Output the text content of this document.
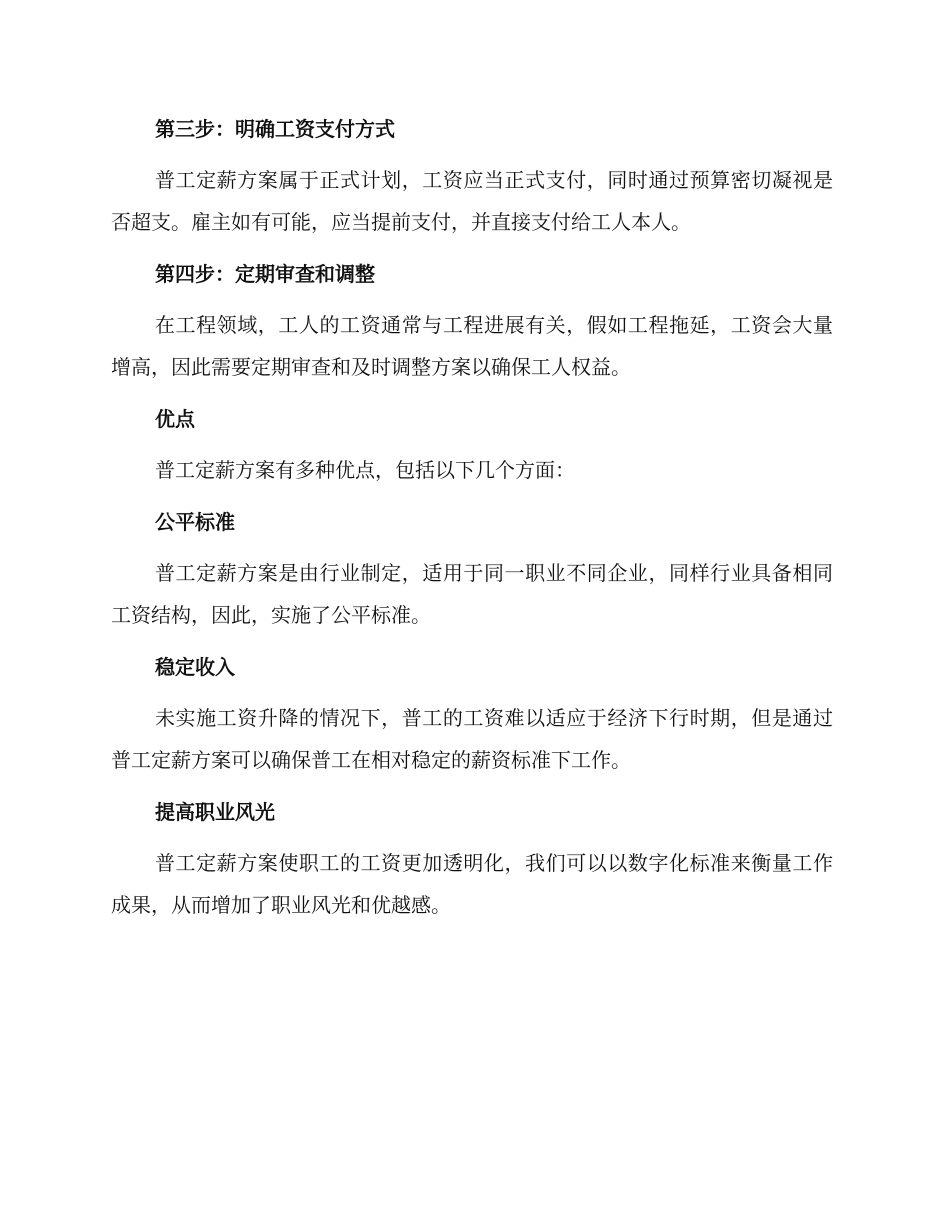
第三步：明确工资支付方式

普工定薪方案属于正式计划，工资应当正式支付，同时通过预算密切凝视是否超支。雇主如有可能，应当提前支付，并直接支付给工人本人。

第四步：定期审查和调整

在工程领域，工人的工资通常与工程进展有关，假如工程拖延，工资会大量增高，因此需要定期审查和及时调整方案以确保工人权益。

优点

普工定薪方案有多种优点，包括以下几个方面：

公平标准

普工定薪方案是由行业制定，适用于同一职业不同企业，同样行业具备相同工资结构，因此，实施了公平标准。

稳定收入

未实施工资升降的情况下，普工的工资难以适应于经济下行时期，但是通过普工定薪方案可以确保普工在相对稳定的薪资标准下工作。

提高职业风光

普工定薪方案使职工的工资更加透明化，我们可以以数字化标准来衡量工作成果，从而增加了职业风光和优越感。
